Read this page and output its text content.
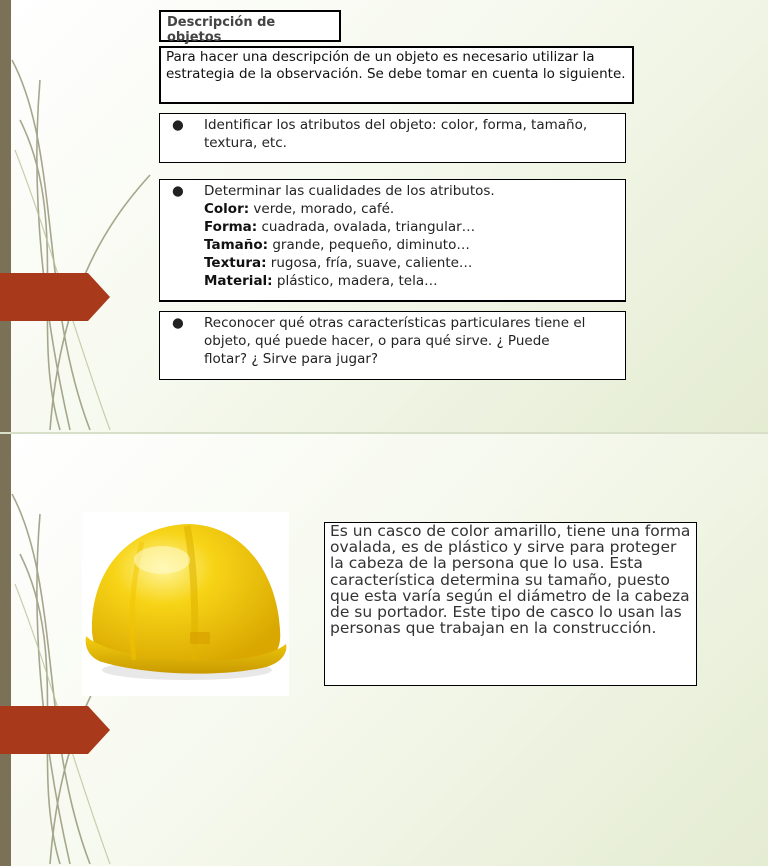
Descripción de objetos
Para hacer una descripción de un objeto es necesario utilizar la estrategia de la observación. Se debe tomar en cuenta lo siguiente.
●	Identificar los atributos del objeto: color, forma, tamaño,
textura, etc.
●	Determinar las cualidades de los atributos.
Color: verde, morado, café.
Forma: cuadrada, ovalada, triangular…
Tamaño: grande, pequeño, diminuto…
Textura: rugosa, fría, suave, caliente…
Material: plástico, madera, tela…
●	Reconocer qué otras características particulares tiene el
objeto, qué puede hacer, o para qué sirve. ¿ Puede
flotar? ¿ Sirve para jugar?
Es un casco de color amarillo, tiene una forma ovalada, es de plástico y sirve para proteger la cabeza de la persona que lo usa. Esta característica determina su tamaño, puesto que esta varía según el diámetro de la cabeza de su portador. Este tipo de casco lo usan las personas que trabajan en la construcción.
